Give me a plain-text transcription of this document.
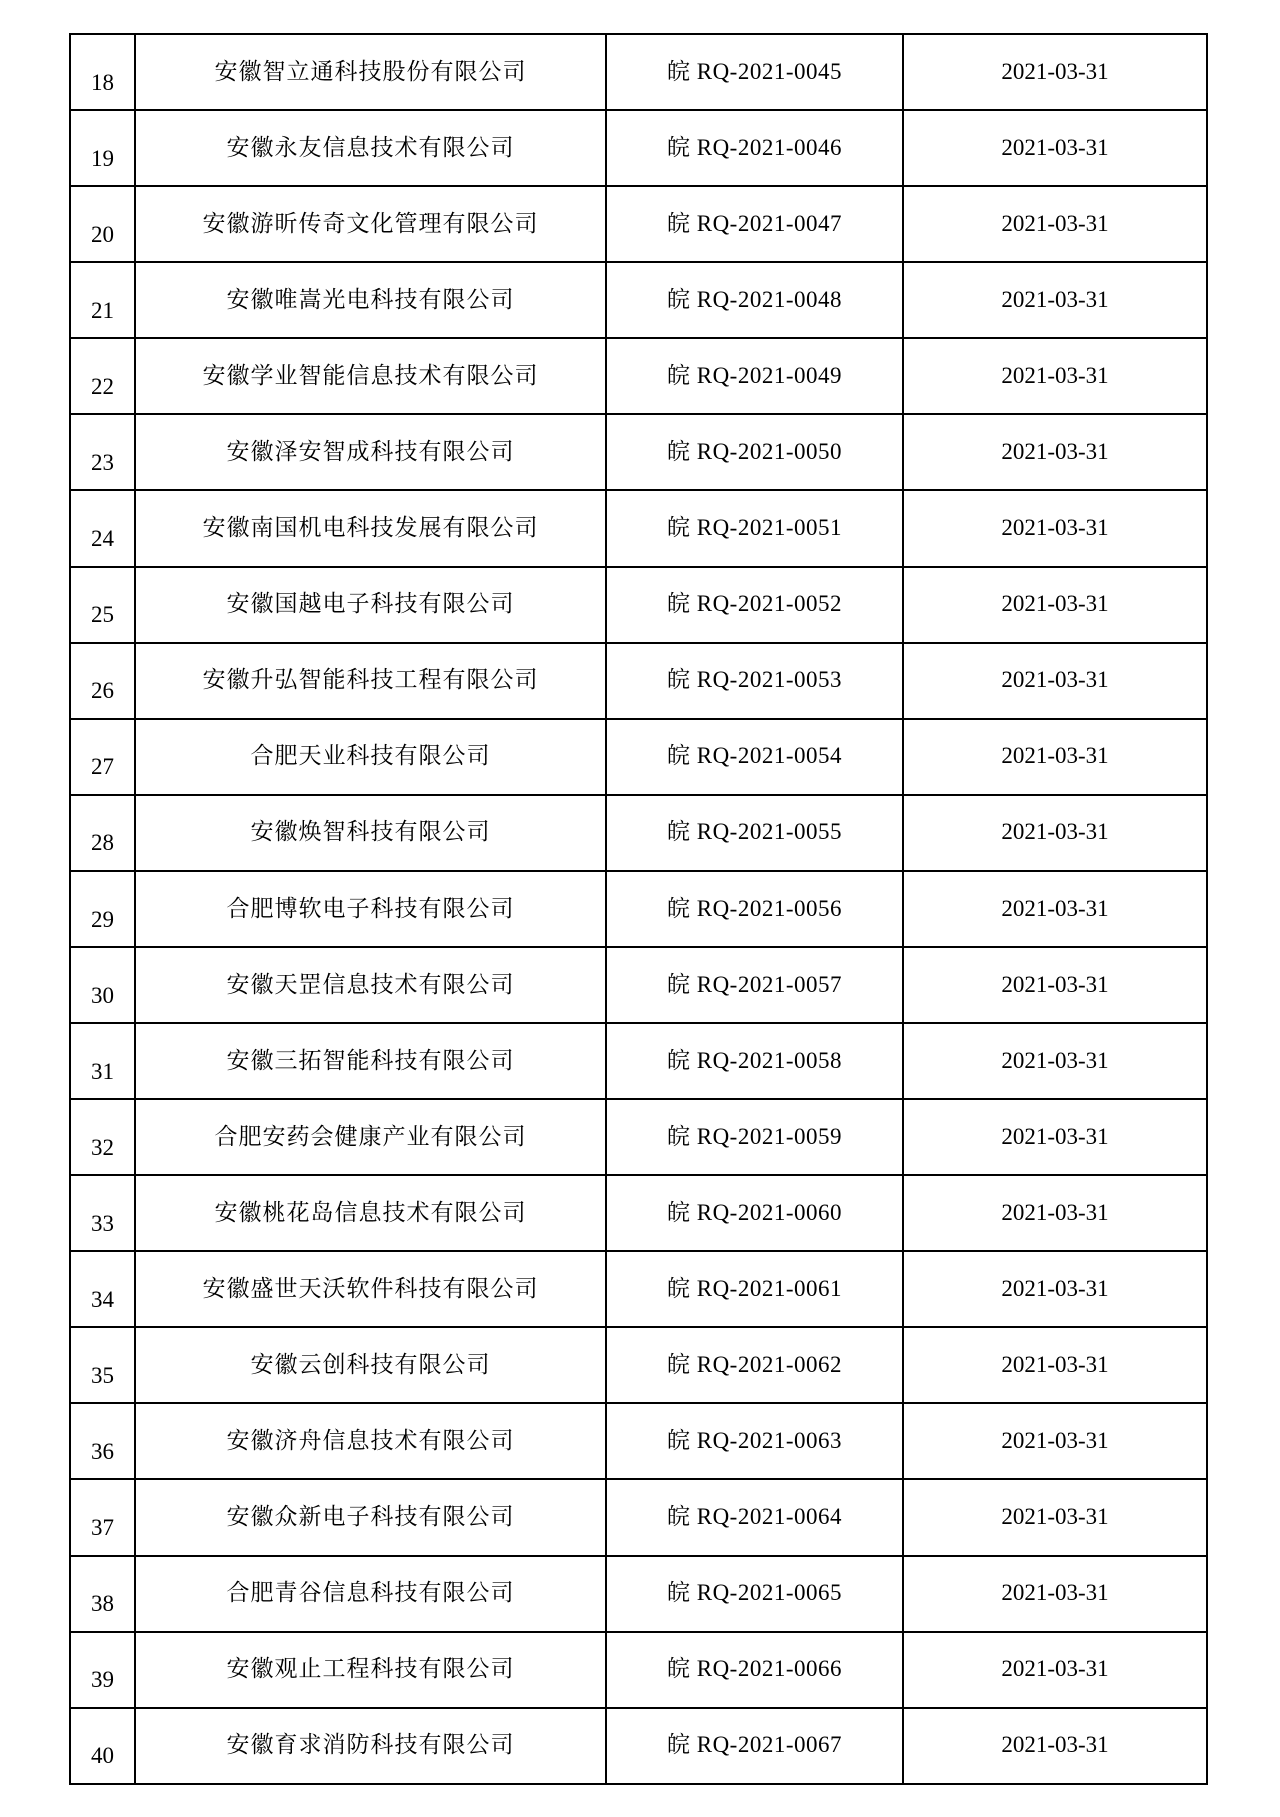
18	安徽智立通科技股份有限公司	皖 RQ-2021-0045	2021-03-31
19	安徽永友信息技术有限公司	皖 RQ-2021-0046	2021-03-31
20	安徽游昕传奇文化管理有限公司	皖 RQ-2021-0047	2021-03-31
21	安徽唯嵩光电科技有限公司	皖 RQ-2021-0048	2021-03-31
22	安徽学业智能信息技术有限公司	皖 RQ-2021-0049	2021-03-31
23	安徽泽安智成科技有限公司	皖 RQ-2021-0050	2021-03-31
24	安徽南国机电科技发展有限公司	皖 RQ-2021-0051	2021-03-31
25	安徽国越电子科技有限公司	皖 RQ-2021-0052	2021-03-31
26	安徽升弘智能科技工程有限公司	皖 RQ-2021-0053	2021-03-31
27	合肥天业科技有限公司	皖 RQ-2021-0054	2021-03-31
28	安徽焕智科技有限公司	皖 RQ-2021-0055	2021-03-31
29	合肥博软电子科技有限公司	皖 RQ-2021-0056	2021-03-31
30	安徽天罡信息技术有限公司	皖 RQ-2021-0057	2021-03-31
31	安徽三拓智能科技有限公司	皖 RQ-2021-0058	2021-03-31
32	合肥安药会健康产业有限公司	皖 RQ-2021-0059	2021-03-31
33	安徽桃花岛信息技术有限公司	皖 RQ-2021-0060	2021-03-31
34	安徽盛世天沃软件科技有限公司	皖 RQ-2021-0061	2021-03-31
35	安徽云创科技有限公司	皖 RQ-2021-0062	2021-03-31
36	安徽济舟信息技术有限公司	皖 RQ-2021-0063	2021-03-31
37	安徽众新电子科技有限公司	皖 RQ-2021-0064	2021-03-31
38	合肥青谷信息科技有限公司	皖 RQ-2021-0065	2021-03-31
39	安徽观止工程科技有限公司	皖 RQ-2021-0066	2021-03-31
40	安徽育求消防科技有限公司	皖 RQ-2021-0067	2021-03-31
